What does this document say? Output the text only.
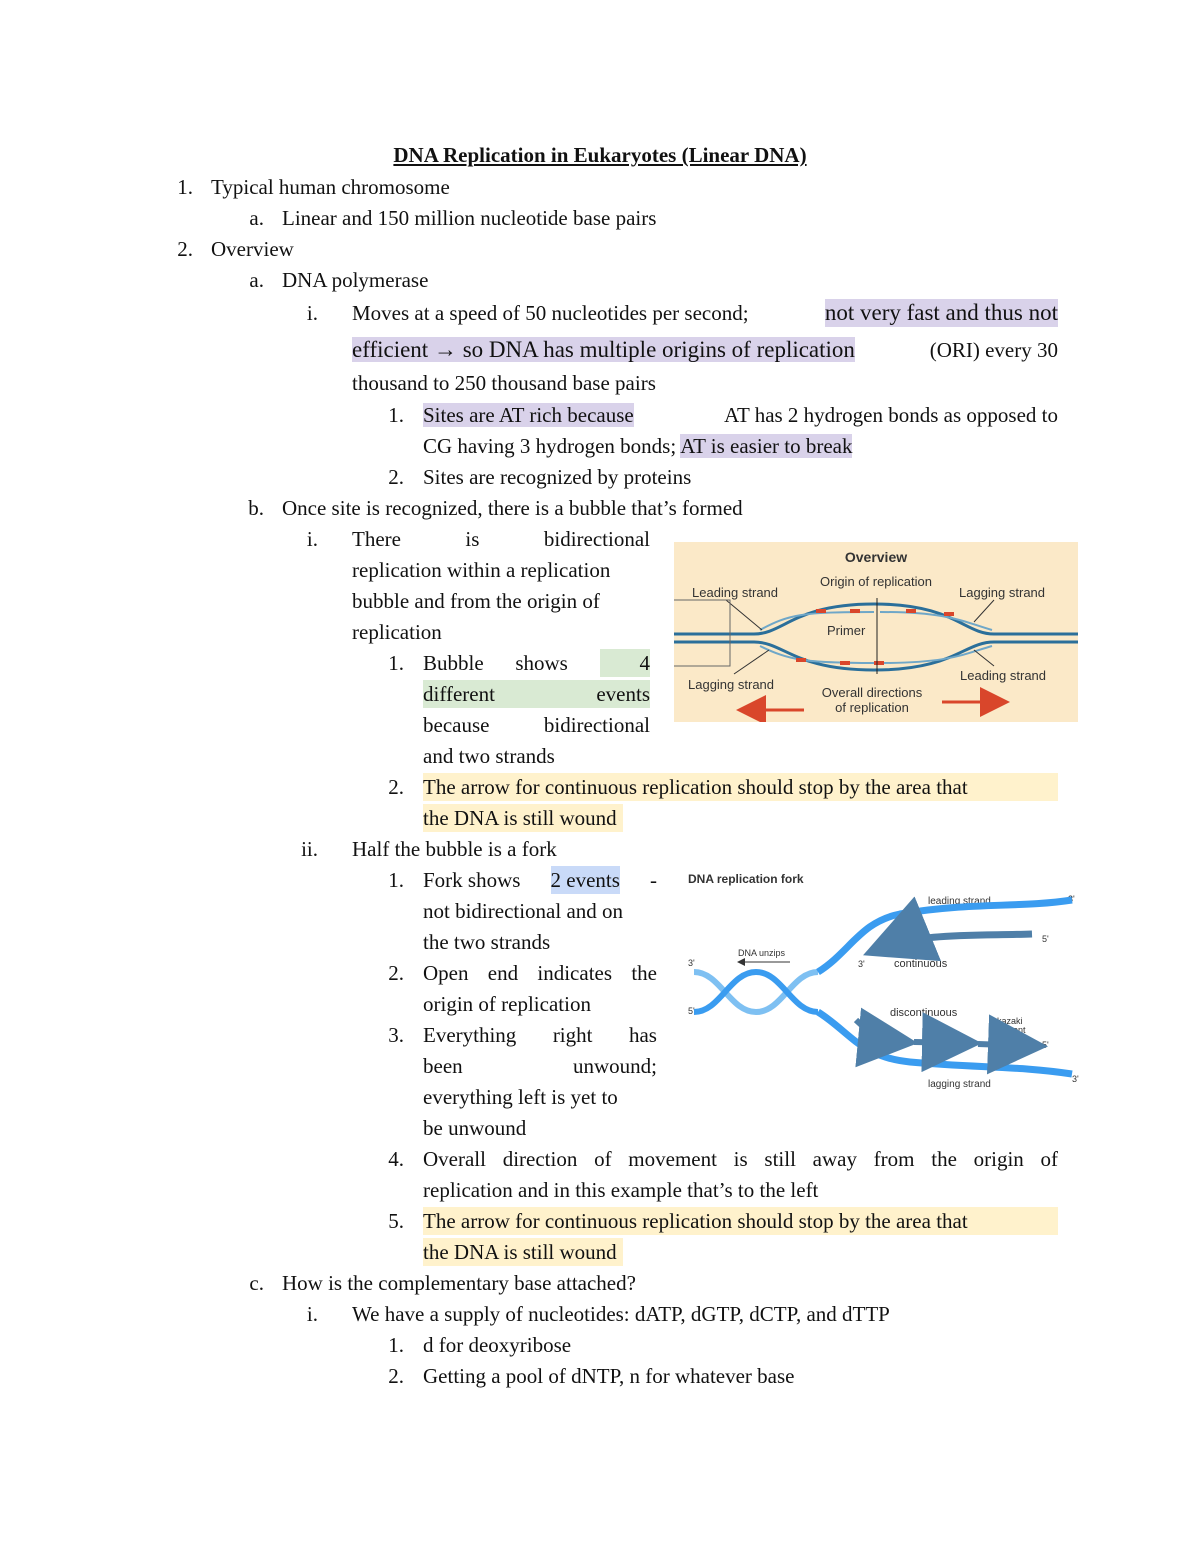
DNA Replication in Eukaryotes (Linear DNA)
1. Typical human chromosome
a. Linear and 150 million nucleotide base pairs
2. Overview
a. DNA polymerase
i. Moves at a speed of 50 nucleotides per second;	not very fast and thus not
efficient → so DNA has multiple origins of replication	(ORI) every 30
thousand to 250 thousand base pairs
1. Sites are AT rich because	AT has 2 hydrogen bonds as opposed to
CG having 3 hydrogen bonds; AT is easier to break
2. Sites are recognized by proteins
b. Once site is recognized, there is a bubble that’s formed
i. There	is	bidirectional
replication within a replication
bubble and from the origin of
replication
1. Bubble shows	4
different	events
because	bidirectional
and two strands
2. The arrow for continuous replication should stop by the area that
the DNA is still wound
ii. Half the bubble is a fork
1. Fork shows 2 events -
not bidirectional and on
the two strands
2. Open end indicates the
origin of replication
3. Everything right has
been	unwound;
everything left is yet to
be unwound
4. Overall direction of movement is still away from the origin of
replication and in this example that’s to the left
5. The arrow for continuous replication should stop by the area that
the DNA is still wound
c. How is the complementary base attached?
i. We have a supply of nucleotides: dATP, dGTP, dCTP, and dTTP
1. d for deoxyribose
2. Getting a pool of dNTP, n for whatever base
Overview
Origin of replication
Leading strand	Lagging strand
Primer
Lagging strand
Leading strand
Overall directions
of replication
DNA replication fork
leading strand
DNA unzips
continuous
discontinuous
okazaki
fragment
lagging strand
3'
3'	3'
3'
5'
5'
5'
